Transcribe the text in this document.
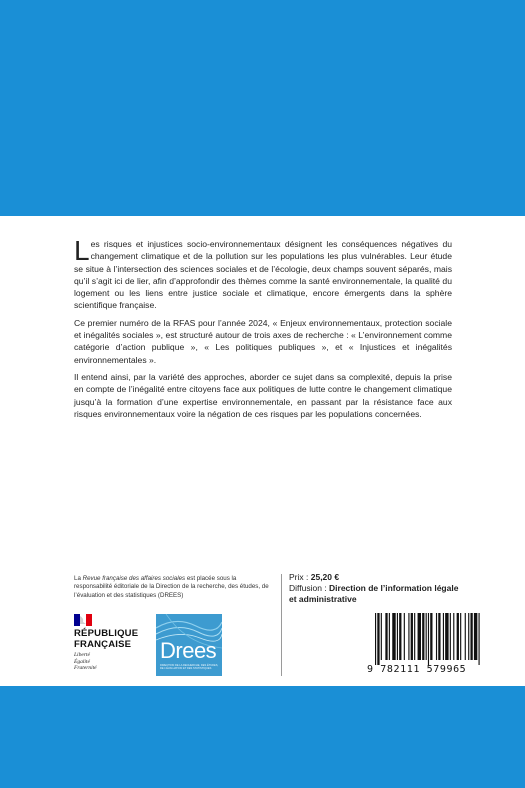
Les risques et injustices socio-environnementaux désignent les conséquences négatives du changement climatique et de la pollution sur les populations les plus vulnérables. Leur étude se situe à l’intersection des sciences sociales et de l’écologie, deux champs souvent séparés, mais qu’il s’agit ici de lier, afin d’approfondir des thèmes comme la santé environnementale, la qualité du logement ou les liens entre justice sociale et climatique, encore émergents dans la sphère scientifique française.

Ce premier numéro de la RFAS pour l’année 2024, « Enjeux environnementaux, protection sociale et inégalités sociales », est structuré autour de trois axes de recherche : « L’environnement comme catégorie d’action publique », « Les politiques publiques », et « Injustices et inégalités environnementales ».

Il entend ainsi, par la variété des approches, aborder ce sujet dans sa complexité, depuis la prise en compte de l’inégalité entre citoyens face aux politiques de lutte contre le changement climatique jusqu’à la formation d’une expertise environnementale, en passant par la résistance face aux risques environnementaux voire la négation de ces risques par les populations concernées.

La Revue française des affaires sociales est placée sous la responsabilité éditoriale de la Direction de la recherche, des études, de l’évaluation et des statistiques (DREES)
Prix : 25,20 €
Diffusion : Direction de l’information légale et administrative
RÉPUBLIQUE
FRANÇAISE
Liberté
Égalité
Fraternité
Drees
DIRECTION DE LA RECHERCHE, DES ÉTUDES, DE L’ÉVALUATION ET DES STATISTIQUES	9 782111 579965
